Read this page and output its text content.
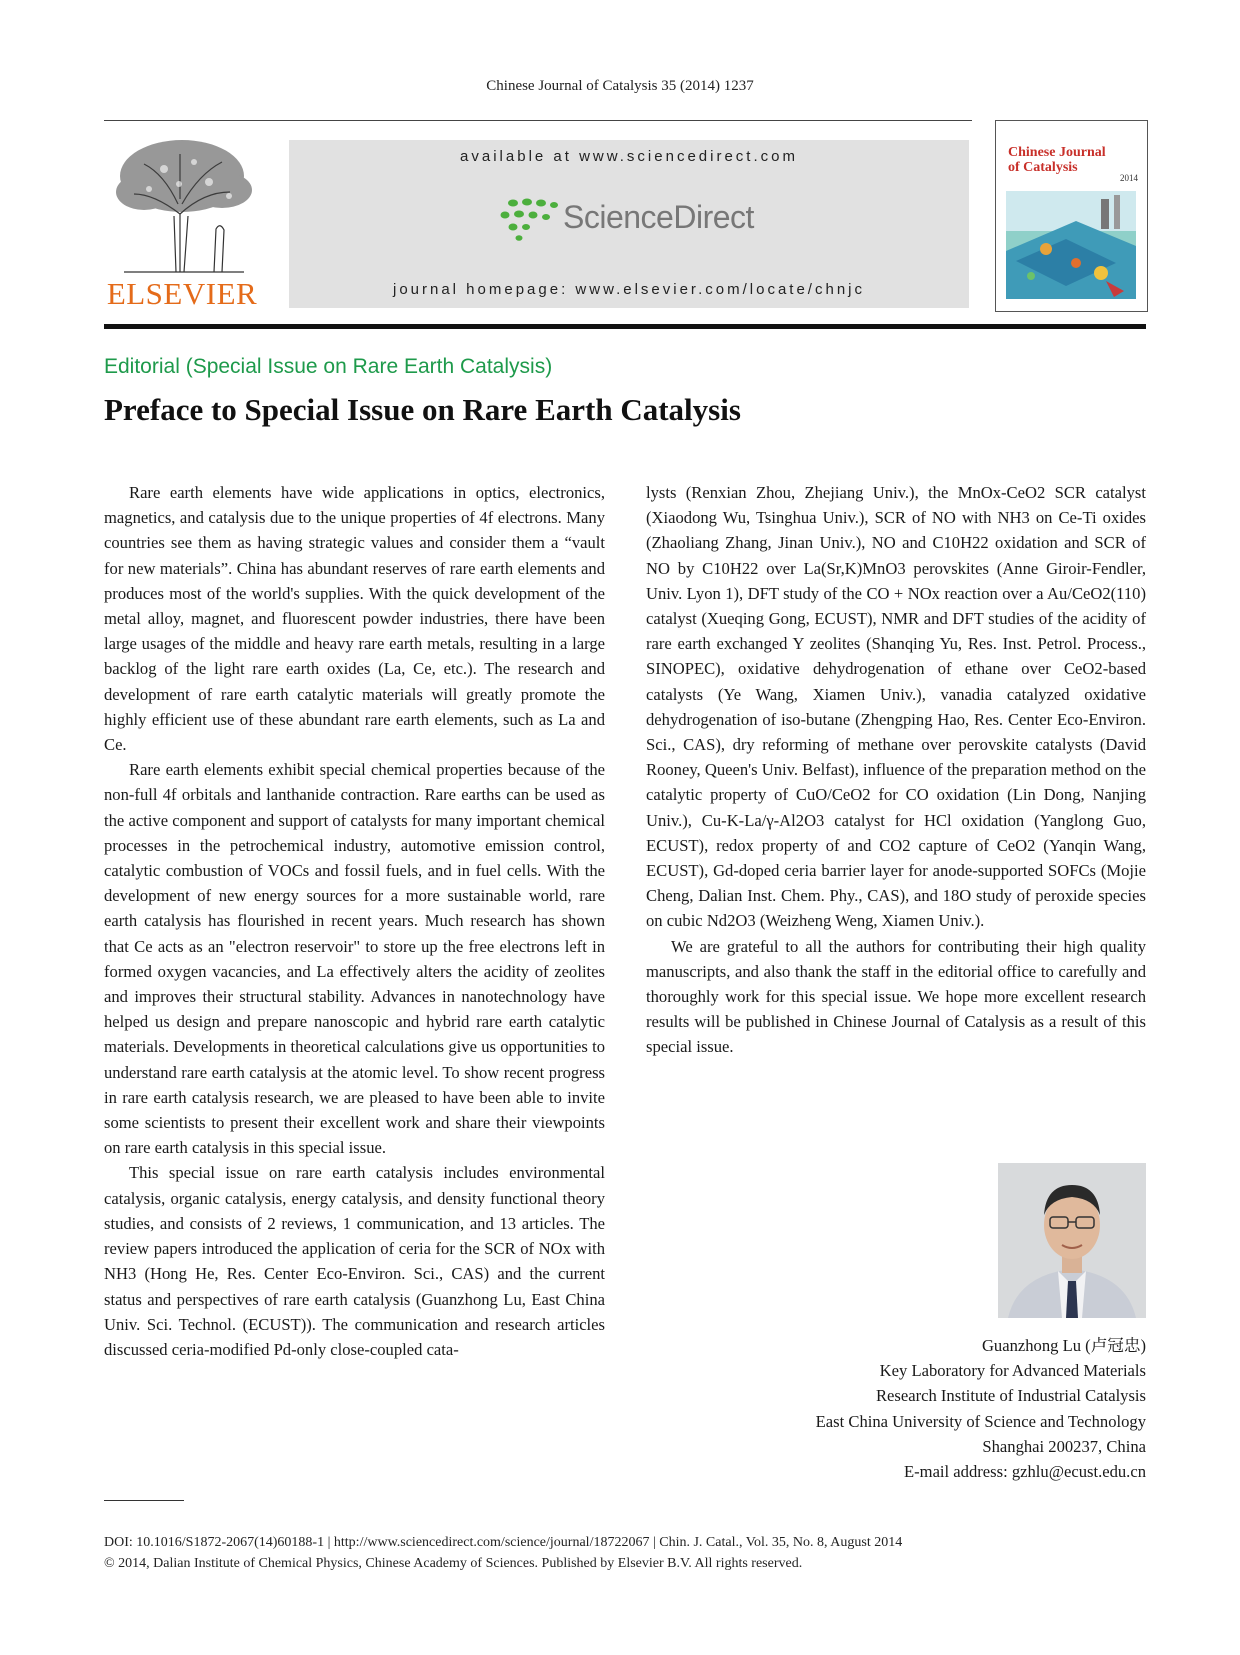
Chinese Journal of Catalysis 35 (2014) 1237
ELSEVIER
available at www.sciencedirect.com
ScienceDirect
journal homepage: www.elsevier.com/locate/chnjc
Chinese Journal
of Catalysis
2014
Editorial (Special Issue on Rare Earth Catalysis)
Preface to Special Issue on Rare Earth Catalysis

Rare earth elements have wide applications in optics, electronics, magnetics, and catalysis due to the unique properties of 4f electrons. Many countries see them as having strategic values and consider them a “vault for new materials”. China has abundant reserves of rare earth elements and produces most of the world's supplies. With the quick development of the metal alloy, magnet, and fluorescent powder industries, there have been large usages of the middle and heavy rare earth metals, resulting in a large backlog of the light rare earth oxides (La, Ce, etc.). The research and development of rare earth catalytic materials will greatly promote the highly efficient use of these abundant rare earth elements, such as La and Ce.

Rare earth elements exhibit special chemical properties because of the non-full 4f orbitals and lanthanide contraction. Rare earths can be used as the active component and support of catalysts for many important chemical processes in the petrochemical industry, automotive emission control, catalytic combustion of VOCs and fossil fuels, and in fuel cells. With the development of new energy sources for a more sustainable world, rare earth catalysis has flourished in recent years. Much research has shown that Ce acts as an "electron reservoir" to store up the free electrons left in formed oxygen vacancies, and La effectively alters the acidity of zeolites and improves their structural stability. Advances in nanotechnology have helped us design and prepare nanoscopic and hybrid rare earth catalytic materials. Developments in theoretical calculations give us opportunities to understand rare earth catalysis at the atomic level. To show recent progress in rare earth catalysis research, we are pleased to have been able to invite some scientists to present their excellent work and share their viewpoints on rare earth catalysis in this special issue.

This special issue on rare earth catalysis includes environmental catalysis, organic catalysis, energy catalysis, and density functional theory studies, and consists of 2 reviews, 1 communication, and 13 articles. The review papers introduced the application of ceria for the SCR of NOx with NH3 (Hong He, Res. Center Eco-Environ. Sci., CAS) and the current status and perspectives of rare earth catalysis (Guanzhong Lu, East China Univ. Sci. Technol. (ECUST)). The communication and research articles discussed ceria-modified Pd-only close-coupled cata-

lysts (Renxian Zhou, Zhejiang Univ.), the MnOx-CeO2 SCR catalyst (Xiaodong Wu, Tsinghua Univ.), SCR of NO with NH3 on Ce-Ti oxides (Zhaoliang Zhang, Jinan Univ.), NO and C10H22 oxidation and SCR of NO by C10H22 over La(Sr,K)MnO3 perovskites (Anne Giroir-Fendler, Univ. Lyon 1), DFT study of the CO + NOx reaction over a Au/CeO2(110) catalyst (Xueqing Gong, ECUST), NMR and DFT studies of the acidity of rare earth exchanged Y zeolites (Shanqing Yu, Res. Inst. Petrol. Process., SINOPEC), oxidative dehydrogenation of ethane over CeO2-based catalysts (Ye Wang, Xiamen Univ.), vanadia catalyzed oxidative dehydrogenation of iso-butane (Zhengping Hao, Res. Center Eco-Environ. Sci., CAS), dry reforming of methane over perovskite catalysts (David Rooney, Queen's Univ. Belfast), influence of the preparation method on the catalytic property of CuO/CeO2 for CO oxidation (Lin Dong, Nanjing Univ.), Cu-K-La/γ-Al2O3 catalyst for HCl oxidation (Yanglong Guo, ECUST), redox property of and CO2 capture of CeO2 (Yanqin Wang, ECUST), Gd-doped ceria barrier layer for anode-supported SOFCs (Mojie Cheng, Dalian Inst. Chem. Phy., CAS), and 18O study of peroxide species on cubic Nd2O3 (Weizheng Weng, Xiamen Univ.).

We are grateful to all the authors for contributing their high quality manuscripts, and also thank the staff in the editorial office to carefully and thoroughly work for this special issue. We hope more excellent research results will be published in Chinese Journal of Catalysis as a result of this special issue.

Guanzhong Lu (卢冠忠)
Key Laboratory for Advanced Materials
Research Institute of Industrial Catalysis
East China University of Science and Technology
Shanghai 200237, China
E-mail address: gzhlu@ecust.edu.cn
DOI: 10.1016/S1872-2067(14)60188-1 | http://www.sciencedirect.com/science/journal/18722067 | Chin. J. Catal., Vol. 35, No. 8, August 2014
© 2014, Dalian Institute of Chemical Physics, Chinese Academy of Sciences. Published by Elsevier B.V. All rights reserved.
